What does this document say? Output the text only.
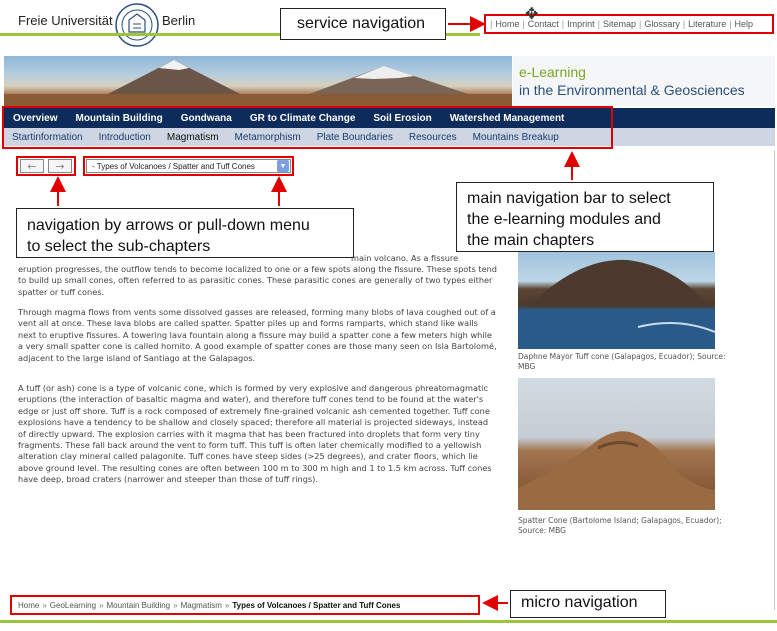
Freie Universität	Berlin	| Home | Contact | Imprint | Sitemap | Glossary | Literature | Help
✥
service navigation
e-Learning
in the Environmental & Geosciences
Overview	Mountain Building	Gondwana	GR to Climate Change	Soil Erosion	Watershed Management
Startinformation	Introduction	Magmatism	Metamorphism	Plate Boundaries	Resources	Mountains Breakup
←	→	- Types of Volcanoes / Spatter and Tuff Cones	▼
navigation by arrows or pull-down menu
to select the sub-chapters
main navigation bar to select
the e-learning modules and
the main chapters
main volcano. As a fissure
eruption progresses, the outflow tends to become localized to one or a few spots along the fissure. These spots tend to build up small cones, often referred to as parasitic cones. These parasitic cones are generally of two types either spatter or tuff cones.
Through magma flows from vents some dissolved gasses are released, forming many blobs of lava coughed out of a vent all at once. These lava blobs are called spatter. Spatter piles up and forms ramparts, which stand like walls next to eruptive fissures. A towering lava fountain along a fissure may build a spatter cone a few meters high while a very small spatter cone is called hornito. A good example of spatter cones are those many seen on Isla Bartolomé, adjacent to the large island of Santiago at the Galapagos.
A tuff (or ash) cone is a type of volcanic cone, which is formed by very explosive and dangerous phreatomagmatic eruptions (the interaction of basaltic magma and water), and therefore tuff cones tend to be found at the water's edge or just off shore. Tuff is a rock composed of extremely fine-grained volcanic ash cemented together. Tuff cone explosions have a tendency to be shallow and closely spaced; therefore all material is projected sideways, instead of directly upward. The explosion carries with it magma that has been fractured into droplets that form very tiny fragments. These fall back around the vent to form tuff. This tuff is often later chemically modified to a yellowish alteration clay mineral called palagonite. Tuff cones have steep sides (>25 degrees), and crater floors, which lie above ground level. The resulting cones are often between 100 m to 300 m high and 1 to 1.5 km across. Tuff cones have deep, broad craters (narrower and steeper than those of tuff rings).
Daphne Mayor Tuff cone (Galapagos, Ecuador); Source: MBG
Spatter Cone (Bartolome Island; Galapagos, Ecuador); Source: MBG
Home » GeoLearning » Mountain Building » Magmatism » Types of Volcanoes / Spatter and Tuff Cones	micro navigation
